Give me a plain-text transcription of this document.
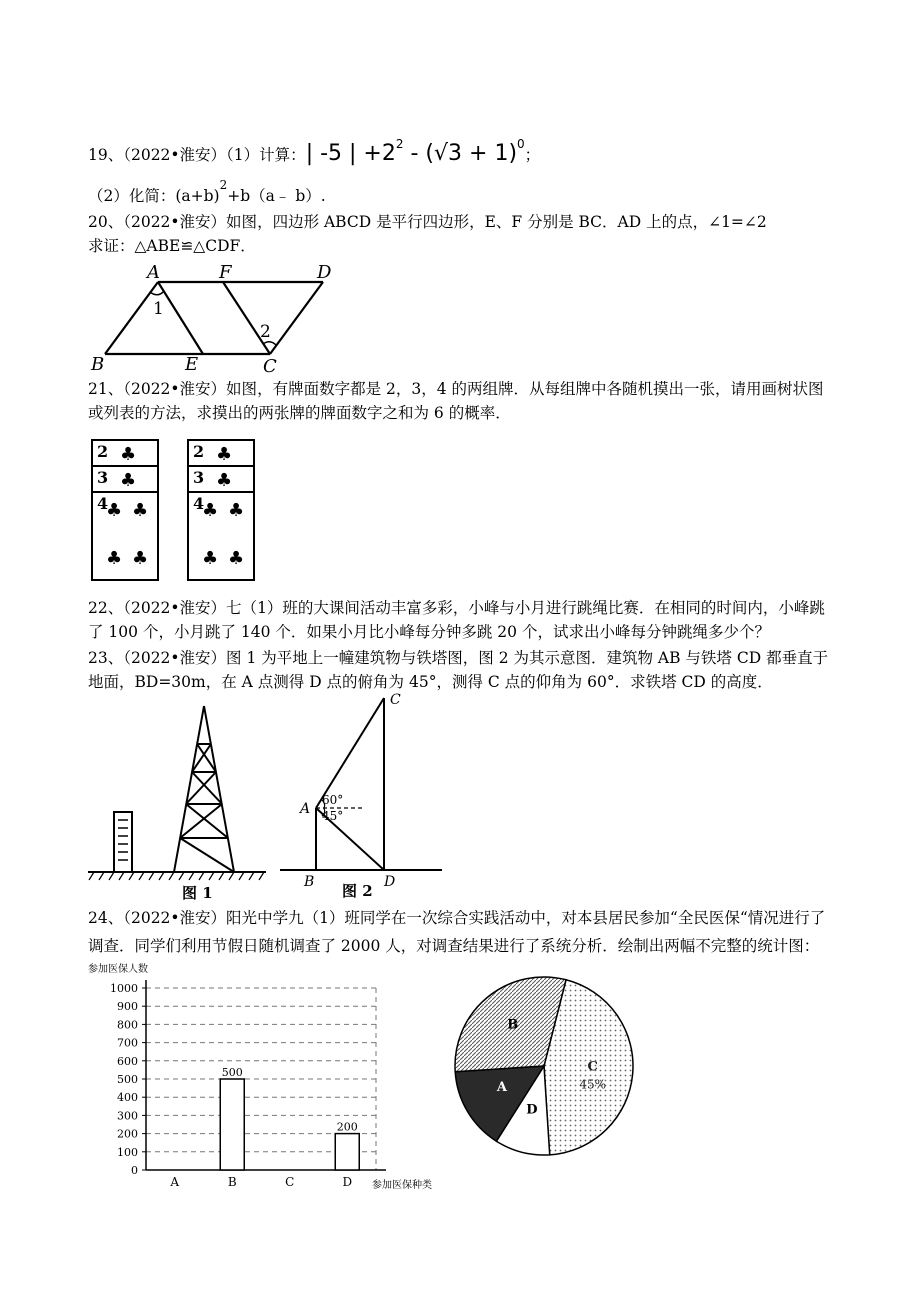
19、（2022•淮安）（1）计算：| -5 | $+2^2 - (√3 + 1)^0$；
（2）化简：$(a+b)^2+b(a﹣$ b）.
20、（2022•淮安）如图，四边形 ABCD 是平行四边形，E、F 分别是 BC．AD 上的点，∠1=∠2
求证：△ABE≌△CDF．
A	F	D
B	E	C
1
2
21、（2022•淮安）如图，有牌面数字都是 2，3，4 的两组牌．从每组牌中各随机摸出一张，请用画树状图
或列表的方法，求摸出的两张牌的牌面数字之和为 6 的概率．
2
3
4
♣
♣
♣ ♣
♣ ♣
2
3
4
♣
♣
♣ ♣
♣ ♣
22、（2022•淮安）七（1）班的大课间活动丰富多彩，小峰与小月进行跳绳比赛．在相同的时间内，小峰跳
了 100 个，小月跳了 140 个．如果小月比小峰每分钟多跳 20 个，试求出小峰每分钟跳绳多少个？
23、（2022•淮安）图 1 为平地上一幢建筑物与铁塔图，图 2 为其示意图．建筑物 AB 与铁塔 CD 都垂直于
地面，BD=30m，在 A 点测得 D 点的俯角为 45°，测得 C 点的仰角为 60°．求铁塔 CD 的高度．
图 1
C
A
B	D
60°
45°
图 2
24、（2022•淮安）阳光中学九（1）班同学在一次综合实践活动中，对本县居民参加“全民医保“情况进行了
调查．同学们利用节假日随机调查了 2000 人，对调查结果进行了系统分析．绘制出两幅不完整的统计图：
参加医保人数
0
100
200
300
400
500
600
700
800
900
1000
A
500
B	C
200
D 参加医保种类
C
45%
D
A
B
